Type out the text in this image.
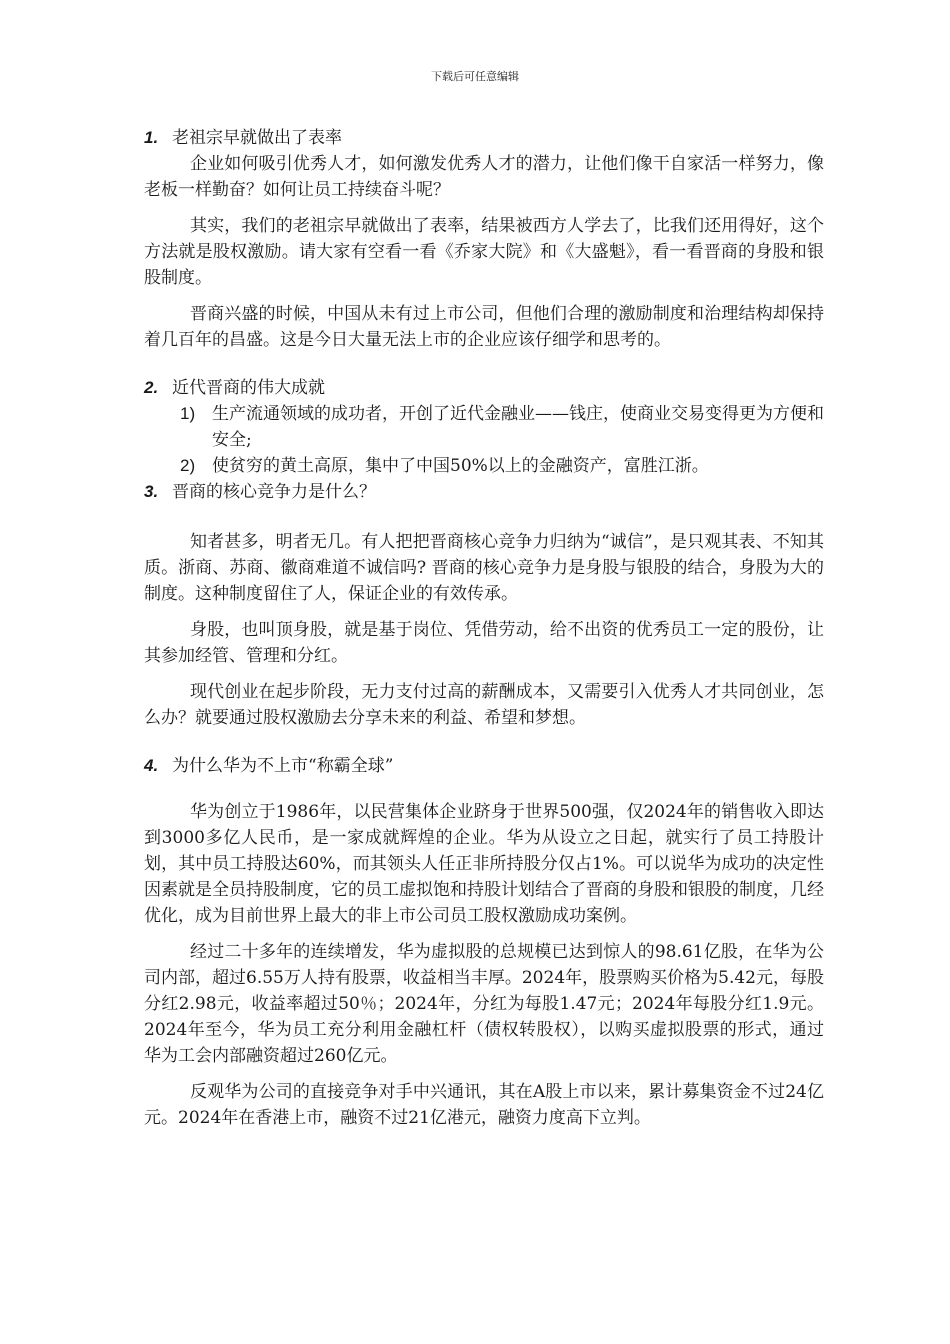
下载后可任意编辑
1. 老祖宗早就做出了表率

企业如何吸引优秀人才，如何激发优秀人才的潜力，让他们像干自家活一样努力，像老板一样勤奋？如何让员工持续奋斗呢？

其实，我们的老祖宗早就做出了表率，结果被西方人学去了，比我们还用得好，这个方法就是股权激励。请大家有空看一看《乔家大院》和《大盛魁》，看一看晋商的身股和银股制度。

晋商兴盛的时候，中国从未有过上市公司，但他们合理的激励制度和治理结构却保持着几百年的昌盛。这是今日大量无法上市的企业应该仔细学和思考的。

2. 近代晋商的伟大成就
1) 生产流通领域的成功者，开创了近代金融业——钱庄，使商业交易变得更为方便和安全;
2) 使贫穷的黄土高原，集中了中国50%以上的金融资产，富胜江浙。
3. 晋商的核心竞争力是什么？

知者甚多，明者无几。有人把把晋商核心竞争力归纳为“诚信”，是只观其表、不知其质。浙商、苏商、徽商难道不诚信吗? 晋商的核心竞争力是身股与银股的结合，身股为大的制度。这种制度留住了人，保证企业的有效传承。

身股，也叫顶身股，就是基于岗位、凭借劳动，给不出资的优秀员工一定的股份，让其参加经管、管理和分红。

现代创业在起步阶段，无力支付过高的薪酬成本，又需要引入优秀人才共同创业，怎么办？就要通过股权激励去分享未来的利益、希望和梦想。

4. 为什么华为不上市“称霸全球”

华为创立于1986年，以民营集体企业跻身于世界500强，仅2024年的销售收入即达到3000多亿人民币，是一家成就辉煌的企业。华为从设立之日起，就实行了员工持股计划，其中员工持股达60%，而其领头人任正非所持股分仅占1%。可以说华为成功的决定性因素就是全员持股制度，它的员工虚拟饱和持股计划结合了晋商的身股和银股的制度，几经优化，成为目前世界上最大的非上市公司员工股权激励成功案例。

经过二十多年的连续增发，华为虚拟股的总规模已达到惊人的98.61亿股，在华为公司内部，超过6.55万人持有股票，收益相当丰厚。2024年，股票购买价格为5.42元，每股分红2.98元，收益率超过50％；2024年，分红为每股1.47元；2024年每股分红1.9元。2024年至今，华为员工充分利用金融杠杆（债权转股权），以购买虚拟股票的形式，通过华为工会内部融资超过260亿元。

反观华为公司的直接竞争对手中兴通讯，其在A股上市以来，累计募集资金不过24亿元。2024年在香港上市，融资不过21亿港元，融资力度高下立判。
